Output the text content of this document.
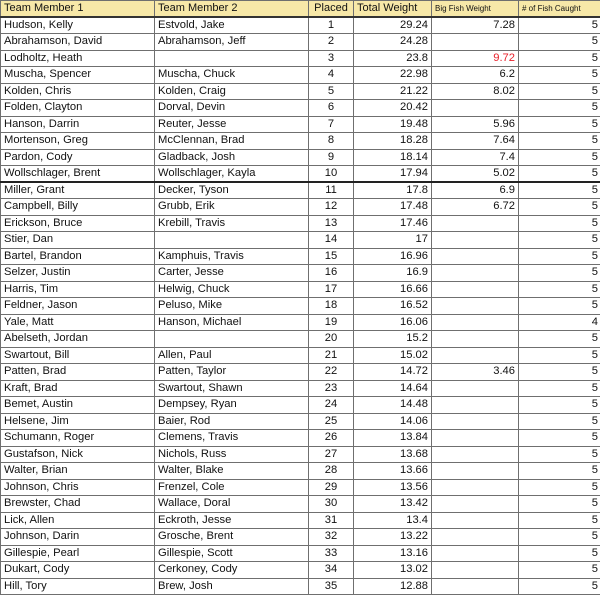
Team Member 1	Team Member 2	Placed	Total Weight	Big Fish Weight	# of Fish Caught
Hudson, Kelly	Estvold, Jake	1	29.24	7.28	5
Abrahamson, David	Abrahamson, Jeff	2	24.28		5
Lodholtz, Heath		3	23.8	9.72	5
Muscha, Spencer	Muscha, Chuck	4	22.98	6.2	5
Kolden, Chris	Kolden, Craig	5	21.22	8.02	5
Folden, Clayton	Dorval, Devin	6	20.42		5
Hanson, Darrin	Reuter, Jesse	7	19.48	5.96	5
Mortenson, Greg	McClennan, Brad	8	18.28	7.64	5
Pardon, Cody	Gladback, Josh	9	18.14	7.4	5
Wollschlager, Brent	Wollschlager, Kayla	10	17.94	5.02	5
Miller, Grant	Decker, Tyson	11	17.8	6.9	5
Campbell, Billy	Grubb, Erik	12	17.48	6.72	5
Erickson, Bruce	Krebill, Travis	13	17.46		5
Stier, Dan		14	17		5
Bartel, Brandon	Kamphuis, Travis	15	16.96		5
Selzer, Justin	Carter, Jesse	16	16.9		5
Harris, Tim	Helwig, Chuck	17	16.66		5
Feldner, Jason	Peluso, Mike	18	16.52		5
Yale, Matt	Hanson, Michael	19	16.06		4
Abelseth, Jordan		20	15.2		5
Swartout, Bill	Allen, Paul	21	15.02		5
Patten, Brad	Patten, Taylor	22	14.72	3.46	5
Kraft, Brad	Swartout, Shawn	23	14.64		5
Bemet, Austin	Dempsey, Ryan	24	14.48		5
Helsene, Jim	Baier, Rod	25	14.06		5
Schumann, Roger	Clemens, Travis	26	13.84		5
Gustafson, Nick	Nichols, Russ	27	13.68		5
Walter, Brian	Walter, Blake	28	13.66		5
Johnson, Chris	Frenzel, Cole	29	13.56		5
Brewster, Chad	Wallace, Doral	30	13.42		5
Lick, Allen	Eckroth, Jesse	31	13.4		5
Johnson, Darin	Grosche, Brent	32	13.22		5
Gillespie, Pearl	Gillespie, Scott	33	13.16		5
Dukart, Cody	Cerkoney, Cody	34	13.02		5
Hill, Tory	Brew, Josh	35	12.88		5
